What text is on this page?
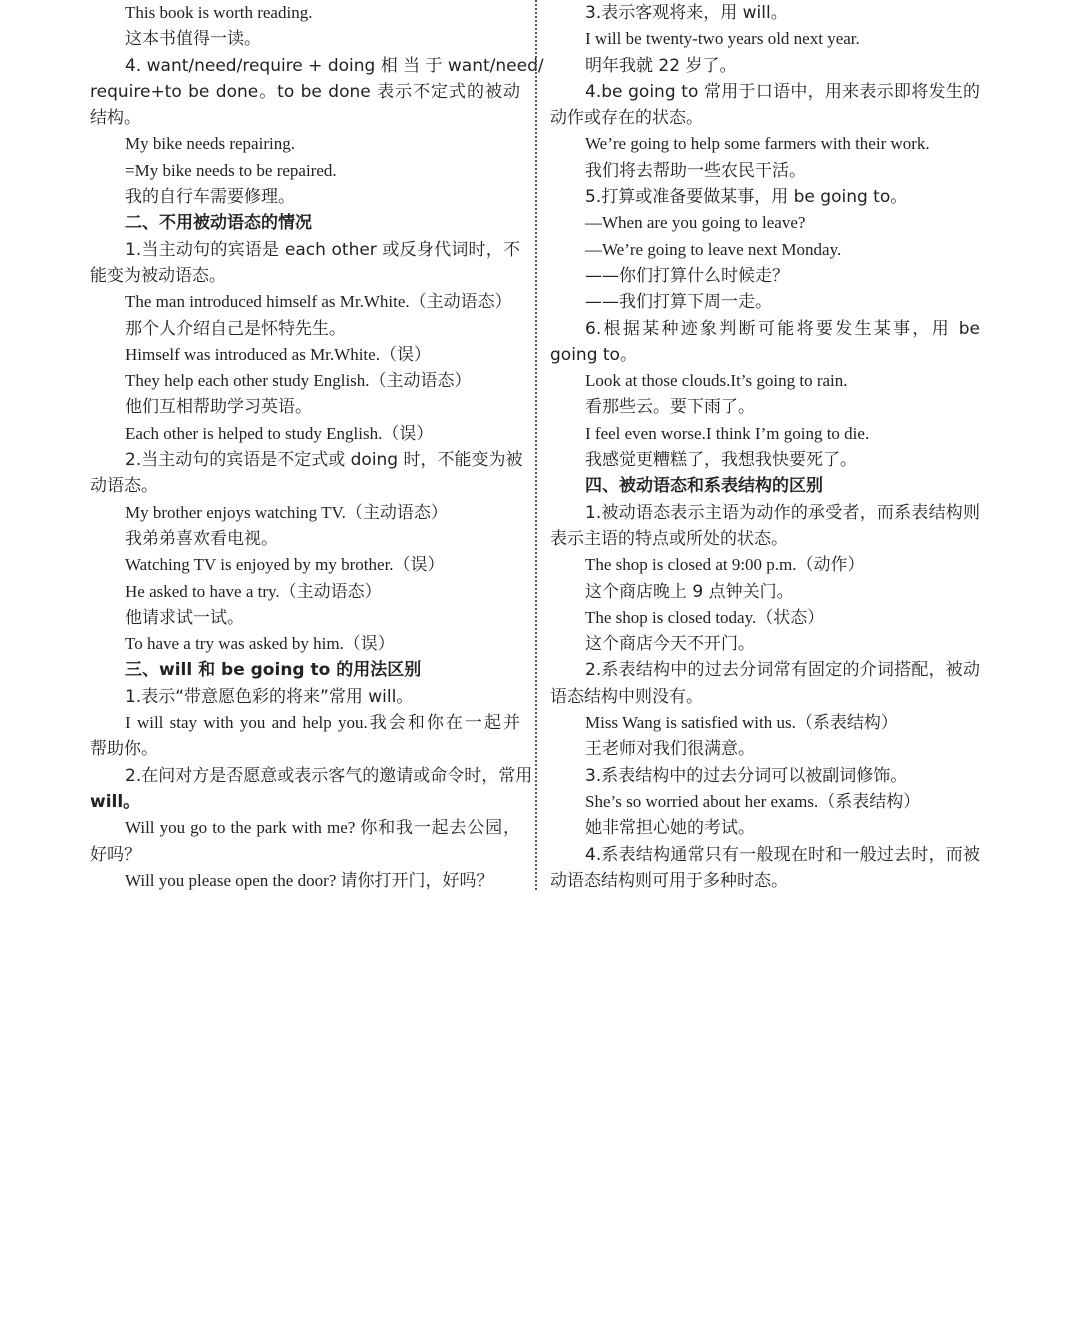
This book is worth reading.
这本书值得一读。
4. want/need/require + doing 相 当 于 want/need/
require+to be done。to be done 表示不定式的被动
结构。
My bike needs repairing.
=My bike needs to be repaired.
我的自行车需要修理。
二、不用被动语态的情况
1.当主动句的宾语是 each other 或反身代词时，不
能变为被动语态。
The man introduced himself as Mr.White.（主动语态）
那个人介绍自己是怀特先生。
Himself was introduced as Mr.White.（误）
They help each other study English.（主动语态）
他们互相帮助学习英语。
Each other is helped to study English.（误）
2.当主动句的宾语是不定式或 doing 时，不能变为被
动语态。
My brother enjoys watching TV.（主动语态）
我弟弟喜欢看电视。
Watching TV is enjoyed by my brother.（误）
He asked to have a try.（主动语态）
他请求试一试。
To have a try was asked by him.（误）
三、will 和 be going to 的用法区别
1.表示“带意愿色彩的将来”常用 will。
I will stay with you and help you.我会和你在一起并
帮助你。
2.在问对方是否愿意或表示客气的邀请或命令时，常用
will。
Will you go to the park with me? 你和我一起去公园，
好吗？
Will you please open the door? 请你打开门，好吗？
3.表示客观将来，用 will。
I will be twenty-two years old next year.
明年我就 22 岁了。
4.be going to 常用于口语中，用来表示即将发生的
动作或存在的状态。
We’re going to help some farmers with their work.
我们将去帮助一些农民干活。
5.打算或准备要做某事，用 be going to。
—When are you going to leave?
—We’re going to leave next Monday.
——你们打算什么时候走？
——我们打算下周一走。
6.根据某种迹象判断可能将要发生某事，用 be
going to。
Look at those clouds.It’s going to rain.
看那些云。要下雨了。
I feel even worse.I think I’m going to die.
我感觉更糟糕了，我想我快要死了。
四、被动语态和系表结构的区别
1.被动语态表示主语为动作的承受者，而系表结构则
表示主语的特点或所处的状态。
The shop is closed at 9:00 p.m.（动作）
这个商店晚上 9 点钟关门。
The shop is closed today.（状态）
这个商店今天不开门。
2.系表结构中的过去分词常有固定的介词搭配，被动
语态结构中则没有。
Miss Wang is satisfied with us.（系表结构）
王老师对我们很满意。
3.系表结构中的过去分词可以被副词修饰。
She’s so worried about her exams.（系表结构）
她非常担心她的考试。
4.系表结构通常只有一般现在时和一般过去时，而被
动语态结构则可用于多种时态。
